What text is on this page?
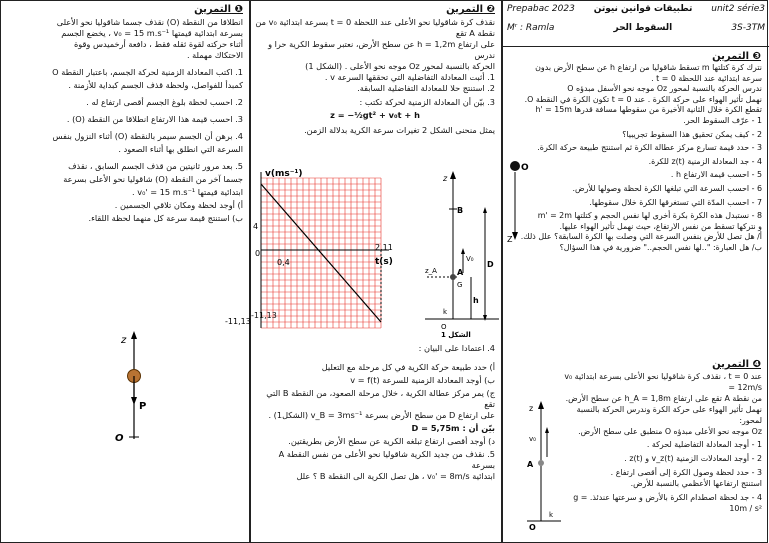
التمرين ❶
انطلاقا من النقطة (O) نقذف جسما شاقوليا نحو الأعلى
بسرعة ابتدائية قيمتها v₀ = 15 m.s⁻¹ ، يخضع الجسم
أثناء حركته لقوة ثقله فقط ، دافعة أرخميدس وقوة
الاحتكاك مهملة .
1. اكتب المعادلة الزمنية لحركة الجسم، باعتبار النقطة O
كمبدأ للفواصل، ولحظة قذف الجسم كبداية للأزمنة .
2. احسب لحظة بلوغ الجسم أقصى ارتفاع له .
3. احسب قيمة هذا الارتفاع انطلاقا من النقطة (O) .
4. برهن أن الجسم سيمر بالنقطة (O) أثناء النزول بنفس
السرعة التي انطلق بها أثناء الصعود .
5. بعد مرور ثانيتين من قذف الجسم السابق ، نقذف
جسما آخر من النقطة (O) شاقوليا نحو الأعلى بسرعة
ابتدائية قيمتها v₀' = 15 m.s⁻¹ .
أ) أوجد لحظة ومكان تلاقي الجسمين .
ب) استنتج قيمة سرعة كل منهما لحظة اللقاء.
z
P
O
التمرين ❷
نقذف كرة شاقوليا نحو الأعلى عند اللحظة t = 0 بسرعة ابتدائية v₀ من نقطة A تقع
على ارتفاع h = 1,2m عن سطح الأرض، نعتبر سقوط الكرية حرا و ندرس
الحركة بالنسبة لمحور Oz موجه نحو الأعلى . (الشكل 1)
1. أثبت المعادلة التفاضلية التي تحققها السرعة v .
2. استنتج حلا للمعادلة التفاضلية السابقة.
3. بيّن أن المعادلة الزمنية لحركة تكتب :
z = −½gt² + v₀t + h
يمثل منحنى الشكل 2 تغيرات سرعة الكرية بدلالة الزمن.
v(ms⁻¹)
t(s)
4
0,4
0
2,11
-11,13
-11,13
z
B
z_A	A
G
V₀
D
h
O
k
الشكل 1
4. اعتمادا على البيان :
أ) حدد طبيعة حركة الكرية في كل مرحلة مع التعليل
ب) أوجد المعادلة الزمنية للسرعة v = f(t)
ج) يمر مركز عطالة الكرية ، خلال مرحلة الصعود، من النقطة B التي تقع
على ارتفاع D من سطح الأرض بسرعة v_B = 3ms⁻¹ (الشكل1) .
بيّن أن : D = 5,75m
د) أوجد أقصى ارتفاع تبلغه الكرية عن سطح الأرض بطريقتين.
5. نقذف من جديد الكرية شاقوليا نحو الأعلى من نفس النقطة A بسرعة
ابتدائية v₀' = 8m/s ، هل تصل الكرية الى النقطة B ؟ علل
Prepabac 2023 تطبيقات قوانين نيوتن unit2 série3
Mʳ : Ramla	السقوط الحر	3S-3TM
التمرين ❸
نترك كرة كتلتها m تسقط شاقوليا من ارتفاع h عن سطح الأرض بدون
سرعة ابتدائية عند اللحظة t = 0 .
ندرس الحركة بالنسبة لمحور Oz موجه نحو الأسفل مبدؤه O
نهمل تأثير الهواء على حركة الكرة . عند t = 0 تكون الكرة في النقطة O.
تقطع الكرة خلال الثانية الأخيرة من سقوطها مسافة قدرها h' = 15m
1 - عرّف السقوط الحر.
2 - كيف يمكن تحقيق هذا السقوط تجريبيا؟
3 - حدد قيمة تسارع مركز عطالة الكرة ثم استنتج طبيعة حركة الكرة.
4 - جد المعادلة الزمنية z(t) للكرة.
5 - احسب قيمة الارتفاع h .
6 - احسب السرعة التي تبلغها الكرة لحظة وصولها للأرض.
7 - احسب المدّة التي تستغرقها الكرة خلال سقوطها.
8 - نستبدل هذه الكرة بكرة أخرى لها نفس الحجم و كتلتها m' = 2m
و نتركها تسقط من نفس الارتفاع، حيث نهمل تأثير الهواء عليها.
أ/ هل تصل للأرض بنفس السرعة التي وصلت بها الكرة السابقة؟ علل ذلك.
ب/ هل العبارة: "..لها نفس الحجم.." ضرورية في هذا السؤال؟
O
Z
التمرين ❹
عند t = 0 ، نقذف كرة شاقوليا نحو الأعلى بسرعة ابتدائية v₀ = 12m/s
من نقطة A تقع على ارتفاع h_A = 1,8m عن سطح الأرض.
نهمل تأثير الهواء على حركة الكرة وندرس الحركة بالنسبة لمحور:
Oz موجه نحو الأعلى مبدؤه O منطبق على سطح الأرض.
1 - أوجد المعادلة التفاضلية لحركة .
2 - أوجد المعادلات الزمنية v_z(t) و z(t) .
3 - حدد لحظة وصول الكرة إلى أقصى ارتفاع .
استنتج ارتفاعها الأعظمي بالنسبة للأرض.
4 - جد لحظة اصطدام الكرة بالأرض و سرعتها عندئذ. g = 10m / s²
z
v₀
A
k
O
